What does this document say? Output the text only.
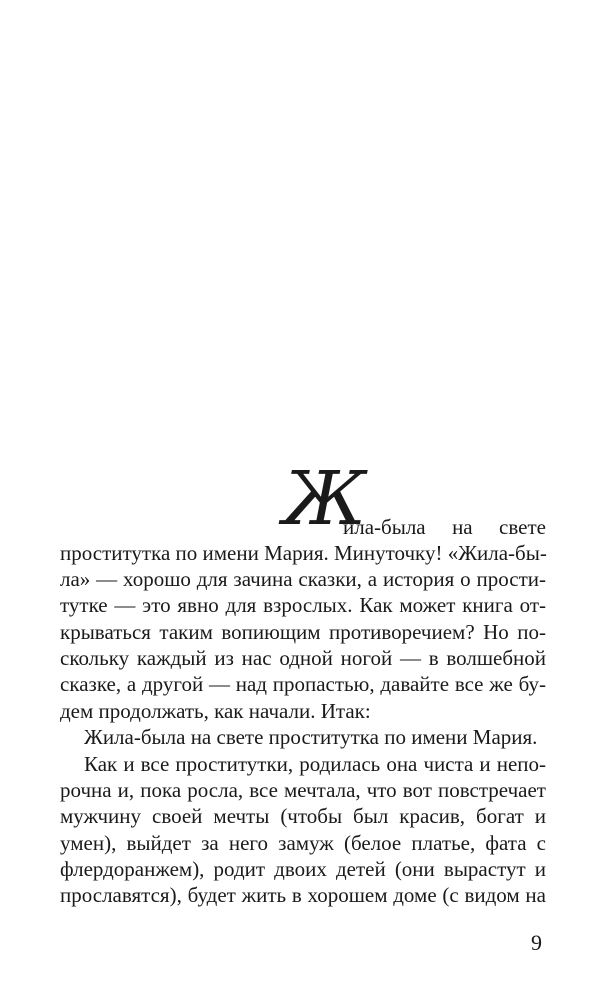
Ж
ила-была на свете
проститутка по имени Мария. Минуточку! «Жила-бы-
ла» — хорошо для зачина сказки, а история о прости-
тутке — это явно для взрослых. Как может книга от-
крываться таким вопиющим противоречием? Но по-
скольку каждый из нас одной ногой — в волшебной
сказке, а другой — над пропастью, давайте все же бу-
дем продолжать, как начали. Итак:
Жила-была на свете проститутка по имени Мария.
Как и все проститутки, родилась она чиста и непо-
рочна и, пока росла, все мечтала, что вот повстречает
мужчину своей мечты (чтобы был красив, богат и
умен), выйдет за него замуж (белое платье, фата с
флердоранжем), родит двоих детей (они вырастут и
прославятся), будет жить в хорошем доме (с видом на
9
